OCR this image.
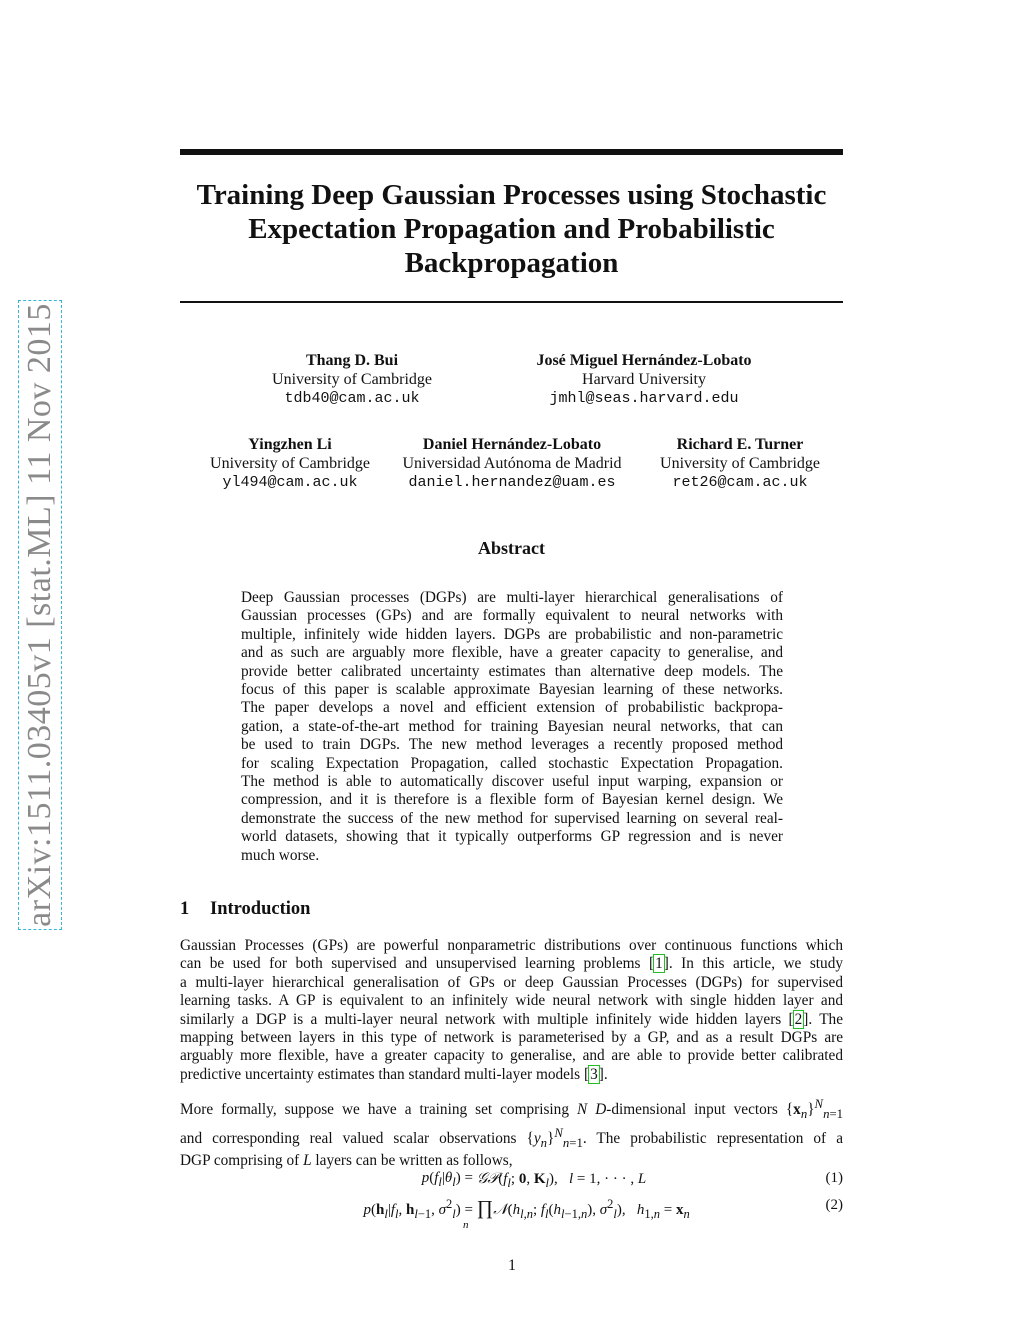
arXiv:1511.03405v1 [stat.ML] 11 Nov 2015
Training Deep Gaussian Processes using Stochastic
Expectation Propagation and Probabilistic
Backpropagation
Thang D. Bui
University of Cambridge
tdb40@cam.ac.uk
José Miguel Hernández-Lobato
Harvard University
jmhl@seas.harvard.edu
Yingzhen Li
University of Cambridge
yl494@cam.ac.uk
Daniel Hernández-Lobato
Universidad Autónoma de Madrid
daniel.hernandez@uam.es
Richard E. Turner
University of Cambridge
ret26@cam.ac.uk
Abstract
Deep Gaussian processes (DGPs) are multi-layer hierarchical generalisations of
Gaussian processes (GPs) and are formally equivalent to neural networks with
multiple, infinitely wide hidden layers. DGPs are probabilistic and non-parametric
and as such are arguably more flexible, have a greater capacity to generalise, and
provide better calibrated uncertainty estimates than alternative deep models. The
focus of this paper is scalable approximate Bayesian learning of these networks.
The paper develops a novel and efficient extension of probabilistic backpropa-
gation, a state-of-the-art method for training Bayesian neural networks, that can
be used to train DGPs. The new method leverages a recently proposed method
for scaling Expectation Propagation, called stochastic Expectation Propagation.
The method is able to automatically discover useful input warping, expansion or
compression, and it is therefore is a flexible form of Bayesian kernel design. We
demonstrate the success of the new method for supervised learning on several real-
world datasets, showing that it typically outperforms GP regression and is never
much worse.
1 Introduction
Gaussian Processes (GPs) are powerful nonparametric distributions over continuous functions which
can be used for both supervised and unsupervised learning problems [1]. In this article, we study
a multi-layer hierarchical generalisation of GPs or deep Gaussian Processes (DGPs) for supervised
learning tasks. A GP is equivalent to an infinitely wide neural network with single hidden layer and
similarly a DGP is a multi-layer neural network with multiple infinitely wide hidden layers [2]. The
mapping between layers in this type of network is parameterised by a GP, and as a result DGPs are
arguably more flexible, have a greater capacity to generalise, and are able to provide better calibrated
predictive uncertainty estimates than standard multi-layer models [3].
More formally, suppose we have a training set comprising N D-dimensional input vectors $\{x_n\}^N_{n=1}$
and corresponding real valued scalar observations $\{y_n\}^N_{n=1}$. The probabilistic representation of a
DGP comprising of L layers can be written as follows,
$p(f_l|\theta_l)$ = $𝒢𝒫(f_l$; 0, $K_l$),   l = 1, · · · , L	(1)
$p(h_l|f_l$, $h_{l-1}$, $\sigma^2_l$) = $\prod 𝒩(h_{l,n}$; $f_l(h_{l-1,n})$, $\sigma^2_l$),   $h_{1,n} = x_n$
(2)
n
1
